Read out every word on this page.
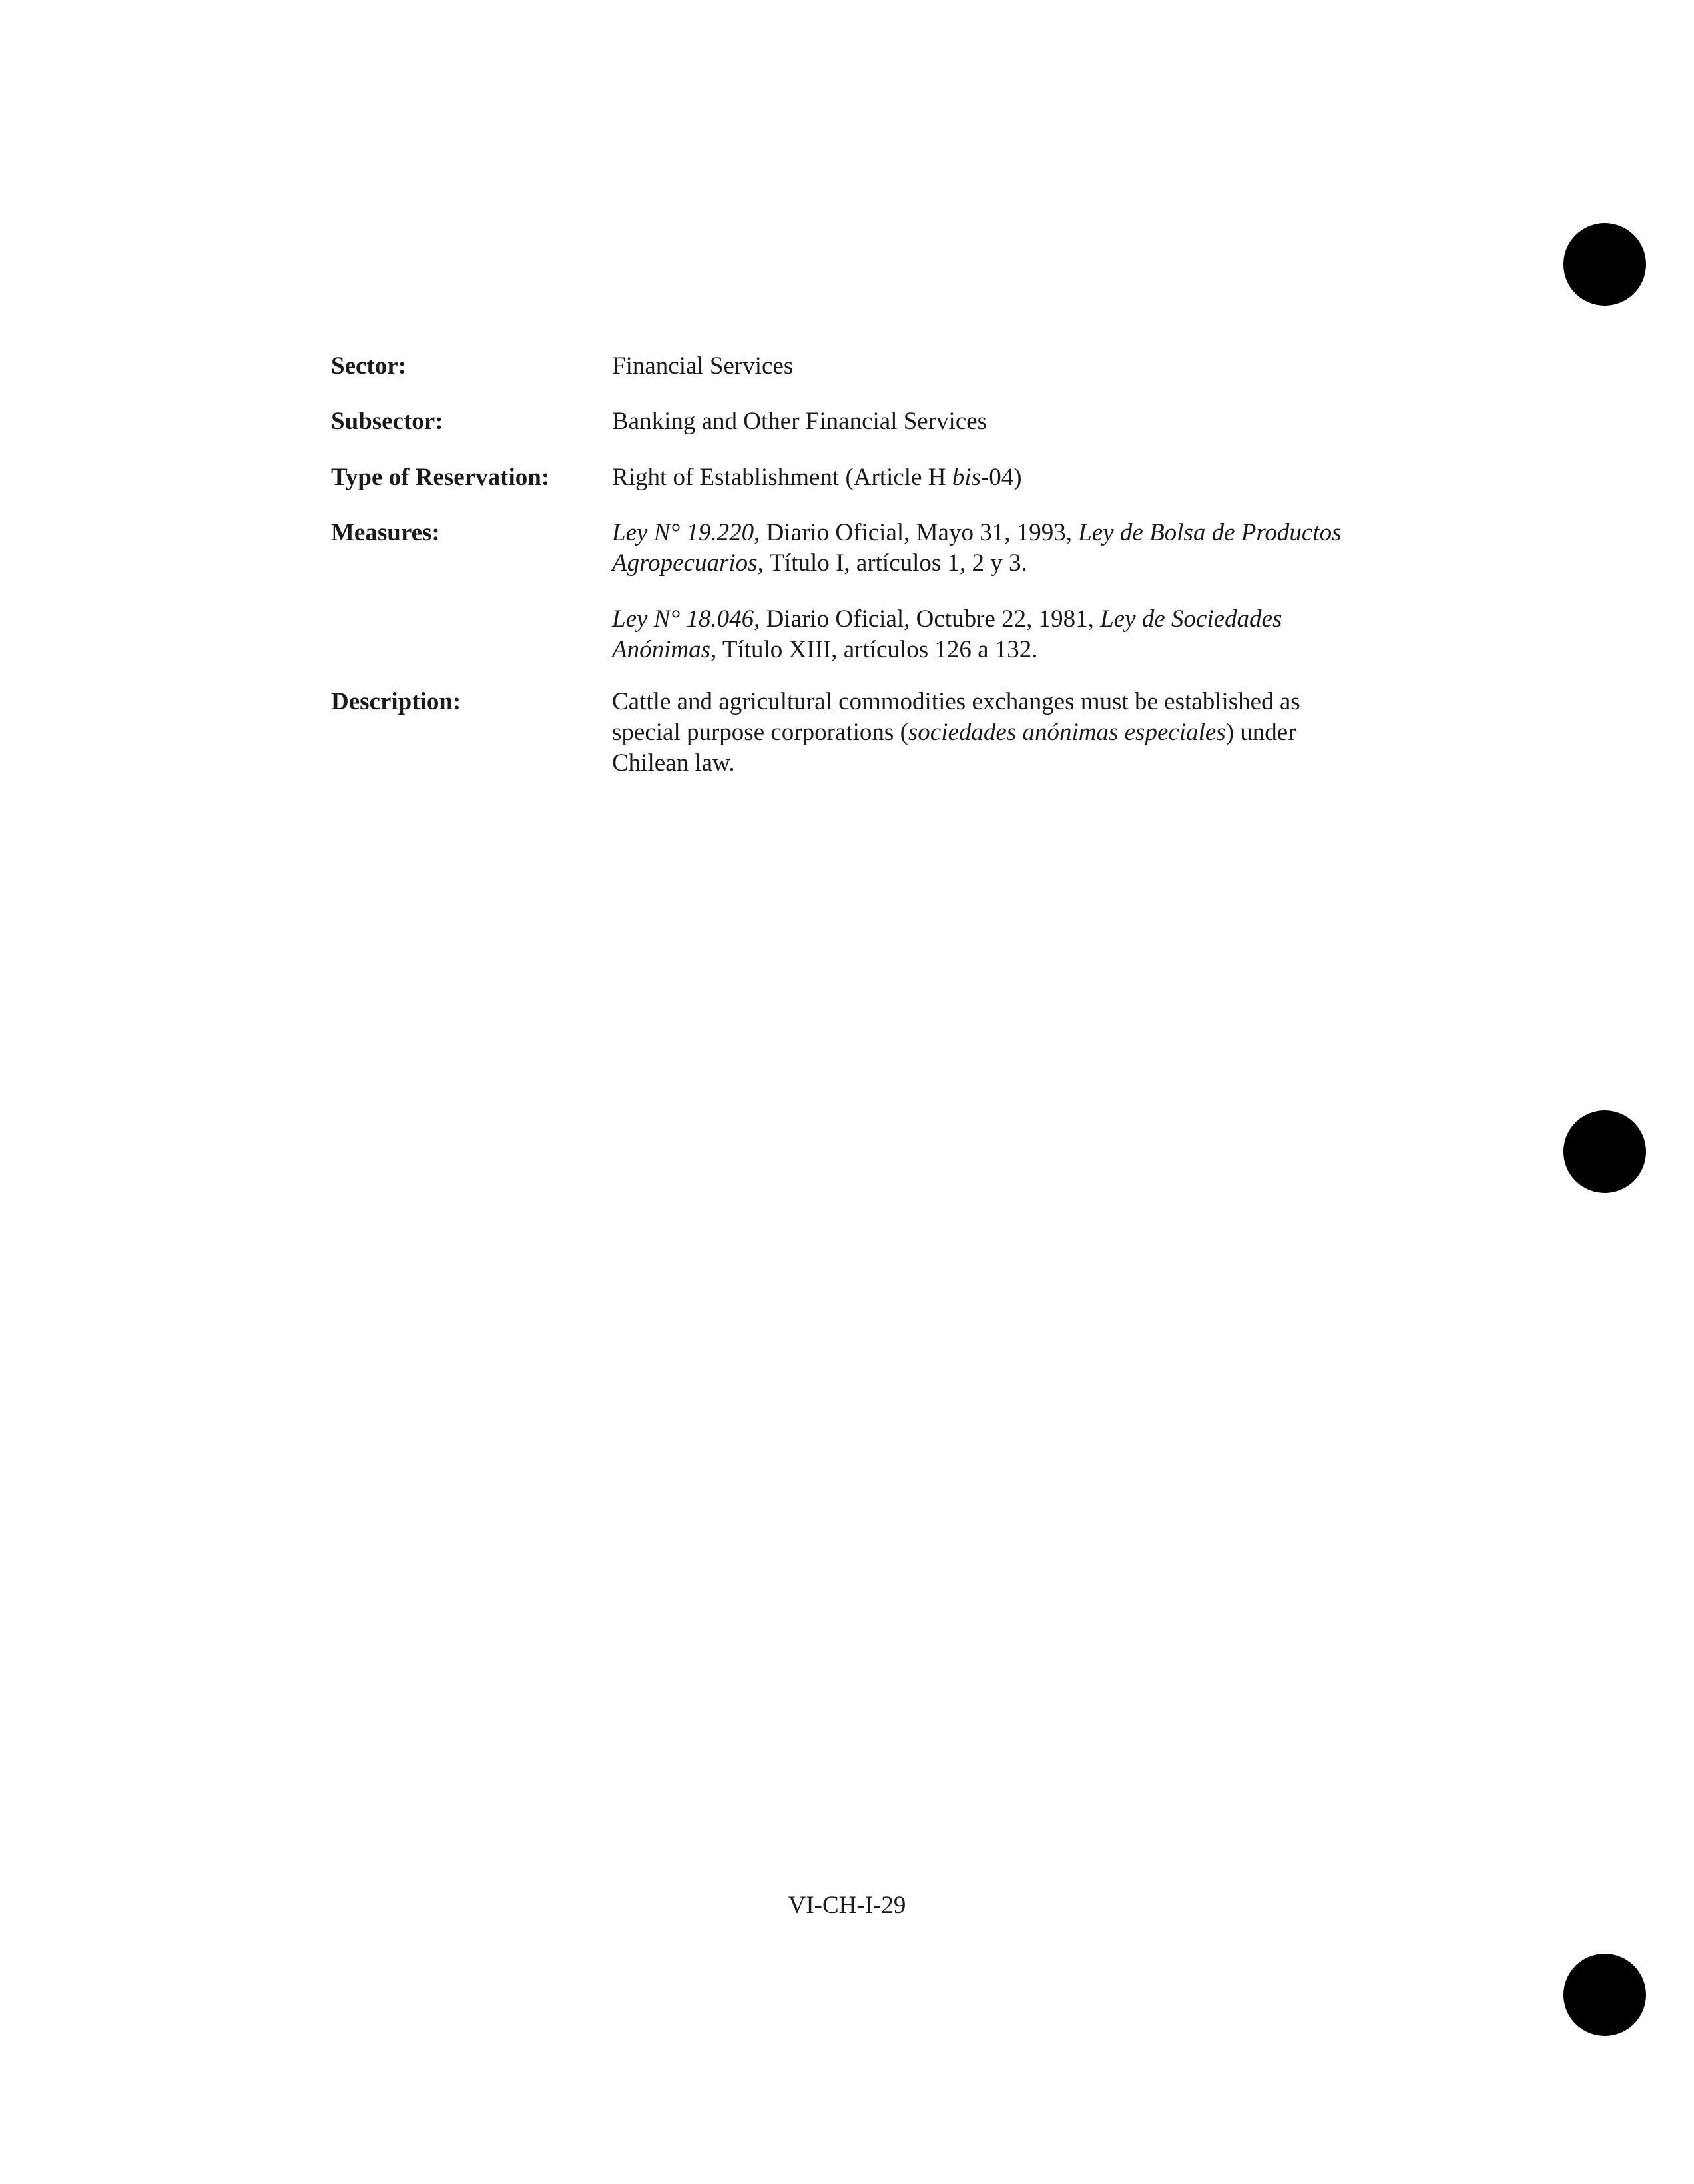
Sector:	Financial Services
Subsector:	Banking and Other Financial Services
Type of Reservation:	Right of Establishment (Article H bis-04)
Measures:	Ley N° 19.220, Diario Oficial, Mayo 31, 1993, Ley de Bolsa de Productos Agropecuarios, Título I, artículos 1, 2 y 3.
Ley N° 18.046, Diario Oficial, Octubre 22, 1981, Ley de Sociedades Anónimas, Título XIII, artículos 126 a 132.
Description:	Cattle and agricultural commodities exchanges must be established as special purpose corporations (sociedades anónimas especiales) under Chilean law.
VI-CH-I-29
